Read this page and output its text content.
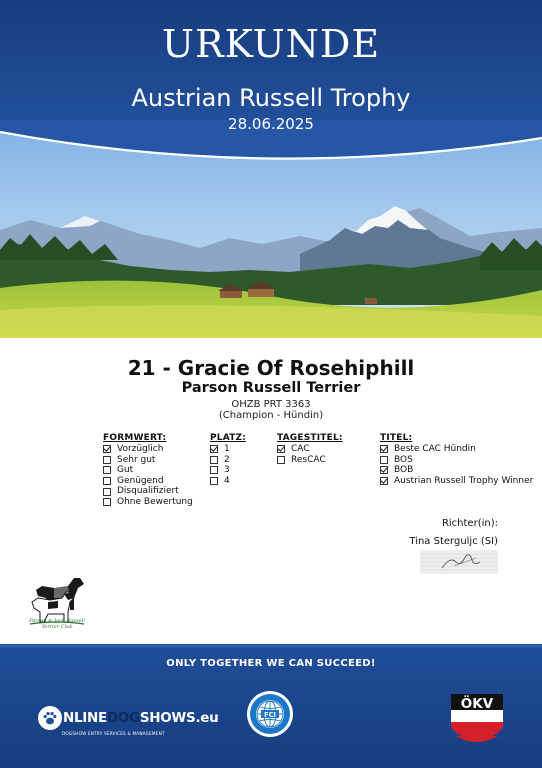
URKUNDE
Austrian Russell Trophy
28.06.2025
21 - Gracie Of Rosehiphill
Parson Russell Terrier
OHZB PRT 3363
(Champion - Hündin)
FORMWERT:
Vorzüglich
Sehr gut
Gut
Genügend
Disqualifiziert
Ohne Bewertung
PLATZ:
1
2
3
4
TAGESTITEL:
CAC
ResCAC
TITEL:
Beste CAC Hündin
BOS
BOB
Austrian Russell Trophy Winner
Richter(in):
Tina Sterguljc (SI)
Parson & Jack Russell
Terrier Club
ONLY TOGETHER WE CAN SUCCEED!
NLINEDOGSHOWS.eu
DOGSHOW ENTRY SERVICES & MANAGEMENT
FCI
ÖKV
